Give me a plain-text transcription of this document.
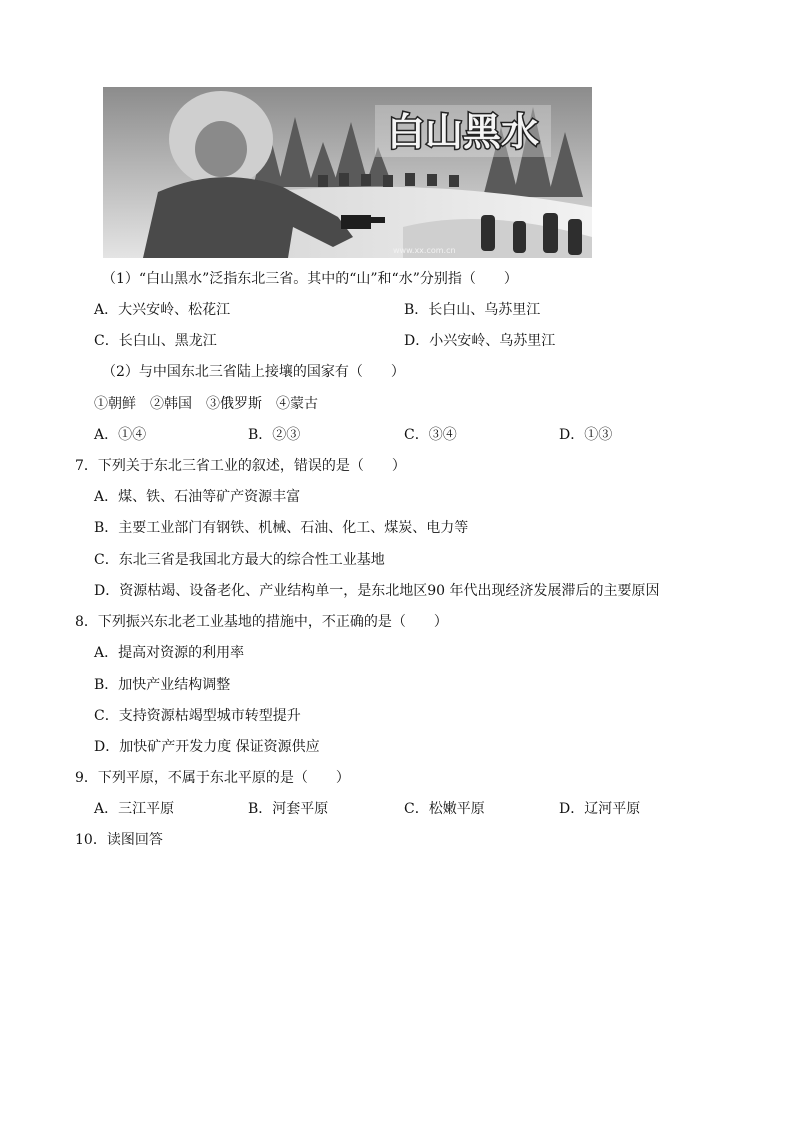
白山黑水
www.xx.com.cn
（1）“白山黑水”泛指东北三省。其中的“山”和“水”分别指（　　）
A．大兴安岭、松花江	B．长白山、乌苏里江
C．长白山、黑龙江	D．小兴安岭、乌苏里江
（2）与中国东北三省陆上接壤的国家有（　　）
①朝鲜　②韩国　③俄罗斯　④蒙古
A．①④	B．②③	C．③④	D．①③
7．下列关于东北三省工业的叙述，错误的是（　　）
A．煤、铁、石油等矿产资源丰富
B．主要工业部门有钢铁、机械、石油、化工、煤炭、电力等
C．东北三省是我国北方最大的综合性工业基地
D．资源枯竭、设备老化、产业结构单一，是东北地区90 年代出现经济发展滞后的主要原因
8．下列振兴东北老工业基地的措施中，不正确的是（　　）
A．提高对资源的利用率
B．加快产业结构调整
C．支持资源枯竭型城市转型提升
D．加快矿产开发力度 保证资源供应
9．下列平原，不属于东北平原的是（　　）
A．三江平原	B．河套平原	C．松嫩平原	D．辽河平原
10．读图回答
